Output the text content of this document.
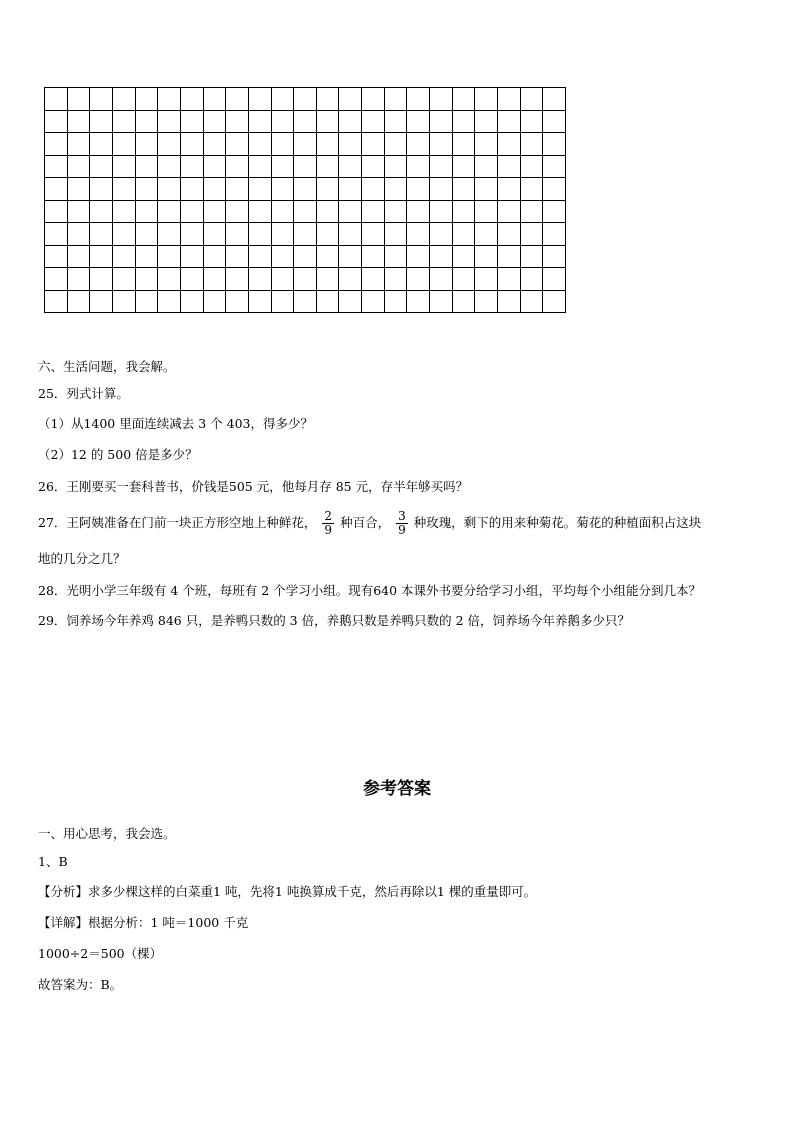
六、生活问题，我会解。
25．列式计算。
（1）从1400 里面连续减去 3 个 403，得多少？
（2）12 的 500 倍是多少？
26．王刚要买一套科普书，价钱是505 元，他每月存 85 元，存半年够买吗？
27．王阿姨准备在门前一块正方形空地上种鲜花， $\frac{2}{9}$ 种百合， $\frac{3}{9}$ 种玫瑰，剩下的用来种菊花。菊花的种植面积占这块
地的几分之几？
28．光明小学三年级有 4 个班，每班有 2 个学习小组。现有640 本课外书要分给学习小组，平均每个小组能分到几本？
29．饲养场今年养鸡 846 只，是养鸭只数的 3 倍，养鹅只数是养鸭只数的 2 倍，饲养场今年养鹅多少只？
参考答案
一、用心思考，我会选。
1、B
【分析】求多少棵这样的白菜重1 吨，先将1 吨换算成千克，然后再除以1 棵的重量即可。
【详解】根据分析：1 吨＝1000 千克
1000÷2＝500（棵）
故答案为：B。
